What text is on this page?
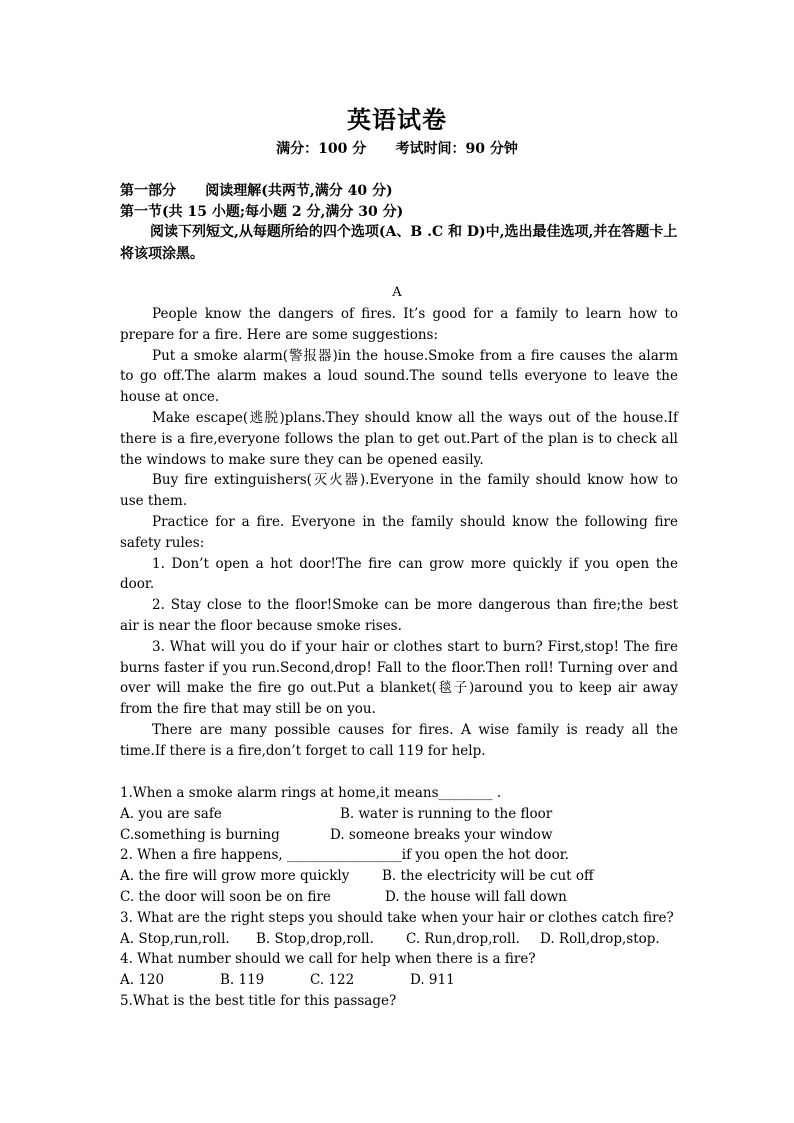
英语试卷
满分：100 分      考试时间：90 分钟
第一部分      阅读理解(共两节,满分 40 分)
第一节(共 15 小题;每小题 2 分,满分 30 分)
阅读下列短文,从每题所给的四个选项(A、B .C 和 D)中,选出最佳选项,并在答题卡上将该项涂黑。
A

People know the dangers of fires. It’s good for a family to learn how to prepare for a fire. Here are some suggestions:

Put a smoke alarm(警报器)in the house.Smoke from a fire causes the alarm to go off.The alarm makes a loud sound.The sound tells everyone to leave the house at once.

Make escape(逃脱)plans.They should know all the ways out of the house.If there is a fire,everyone follows the plan to get out.Part of the plan is to check all the windows to make sure they can be opened easily.

Buy fire extinguishers(灭火器).Everyone in the family should know how to use them.

Practice for a fire. Everyone in the family should know the following fire safety rules:

1. Don’t open a hot door!The fire can grow more quickly if you open the door.

2. Stay close to the floor!Smoke can be more dangerous than fire;the best air is near the floor because smoke rises.

3. What will you do if your hair or clothes start to burn? First,stop! The fire burns faster if you run.Second,drop! Fall to the floor.Then roll! Turning over and over will make the fire go out.Put a blanket(毯子)around you to keep air away from the fire that may still be on you.

There are many possible causes for fires. A wise family is ready all the time.If there is a fire,don’t forget to call 119 for help.

1.When a smoke alarm rings at home,it means________ .
A. you are safe	B. water is running to the floor
C.something is burning	D. someone breaks your window
2. When a fire happens, _________________if you open the hot door.
A. the fire will grow more quickly B. the electricity will be cut off
C. the door will soon be on fire	D. the house will fall down
3. What are the right steps you should take when your hair or clothes catch fire?
A. Stop,run,roll. B. Stop,drop,roll. C. Run,drop,roll. D. Roll,drop,stop.
4. What number should we call for help when there is a fire?
A. 120	B. 119	C. 122	D. 911
5.What is the best title for this passage?
